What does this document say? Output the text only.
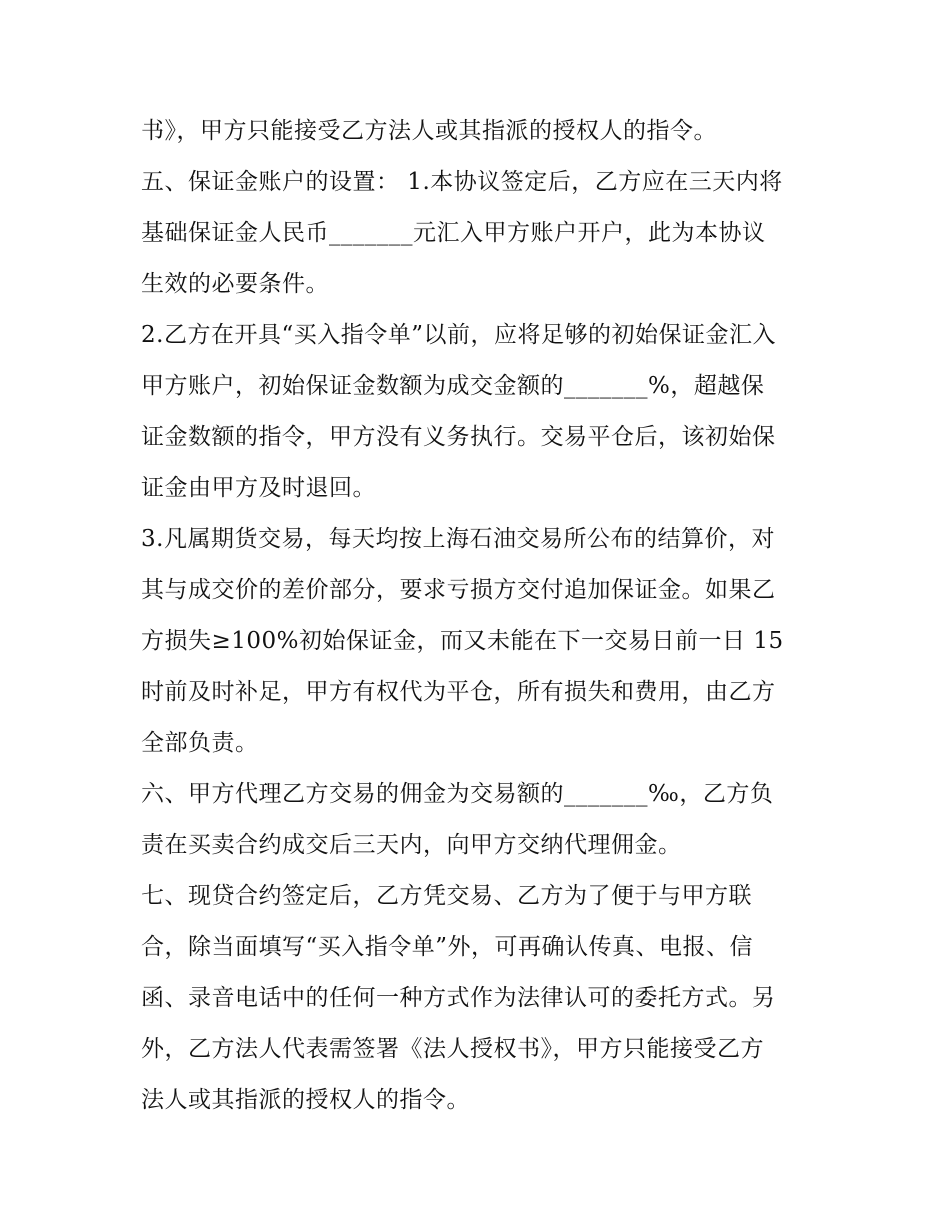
书》，甲方只能接受乙方法人或其指派的授权人的指令。
五、保证金账户的设置： 1.本协议签定后，乙方应在三天内将
基础保证金人民币_______元汇入甲方账户开户，此为本协议
生效的必要条件。
2.乙方在开具“买入指令单”以前，应将足够的初始保证金汇入
甲方账户，初始保证金数额为成交金额的_______%，超越保
证金数额的指令，甲方没有义务执行。交易平仓后，该初始保
证金由甲方及时退回。
3.凡属期货交易，每天均按上海石油交易所公布的结算价，对
其与成交价的差价部分，要求亏损方交付追加保证金。如果乙
方损失≥100%初始保证金，而又未能在下一交易日前一日 15
时前及时补足，甲方有权代为平仓，所有损失和费用，由乙方
全部负责。
六、甲方代理乙方交易的佣金为交易额的_______‰，乙方负
责在买卖合约成交后三天内，向甲方交纳代理佣金。
七、现贷合约签定后，乙方凭交易、乙方为了便于与甲方联
合，除当面填写“买入指令单”外，可再确认传真、电报、信
函、录音电话中的任何一种方式作为法律认可的委托方式。另
外，乙方法人代表需签署《法人授权书》，甲方只能接受乙方
法人或其指派的授权人的指令。
